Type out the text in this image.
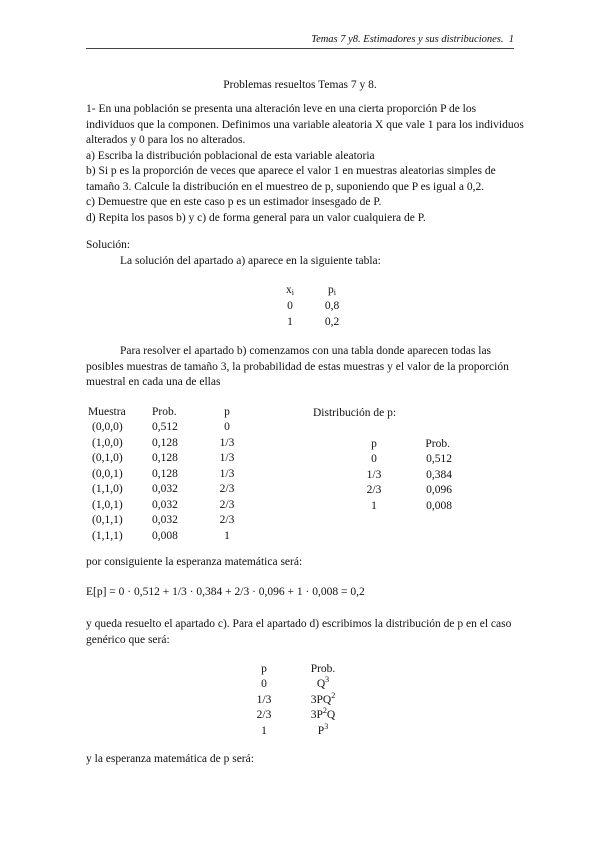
Temas 7 y8. Estimadores y sus distribuciones. 1
Problemas resueltos Temas 7 y 8.
1- En una población se presenta una alteración leve en una cierta proporción P de los
individuos que la componen. Definimos una variable aleatoria X que vale 1 para los individuos
alterados y 0 para los no alterados.
a) Escriba la distribución poblacional de esta variable aleatoria
b) Si p es la proporción de veces que aparece el valor 1 en muestras aleatorias simples de
tamaño 3. Calcule la distribución en el muestreo de p, suponiendo que P es igual a 0,2.
c) Demuestre que en este caso p es un estimador insesgado de P.
d) Repita los pasos b) y c) de forma general para un valor cualquiera de P.
Solución:
La solución del apartado a) aparece en la siguiente tabla:
$x_i$	$p_i$
0	0,8
1	0,2
Para resolver el apartado b) comenzamos con una tabla donde aparecen todas las
posibles muestras de tamaño 3, la probabilidad de estas muestras y el valor de la proporción
muestral en cada una de ellas
Muestra	Prob.	p
(0,0,0)	0,512	0
(1,0,0)	0,128	1/3
(0,1,0)	0,128	1/3
(0,0,1)	0,128	1/3
(1,1,0)	0,032	2/3
(1,0,1)	0,032	2/3
(0,1,1)	0,032	2/3
(1,1,1)	0,008	1
Distribución de p:
p	Prob.
0	0,512
1/3	0,384
2/3	0,096
1	0,008
por consiguiente la esperanza matemática será:
E[p] = 0 · 0,512 + 1/3 · 0,384 + 2/3 · 0,096 + 1 · 0,008 = 0,2
y queda resuelto el apartado c). Para el apartado d) escribimos la distribución de p en el caso
genérico que será:
p	Prob.
0	$Q^3$
1/3	$3PQ^2$
2/3	$3P^2Q$
1	$P^3$
y la esperanza matemática de p será:
